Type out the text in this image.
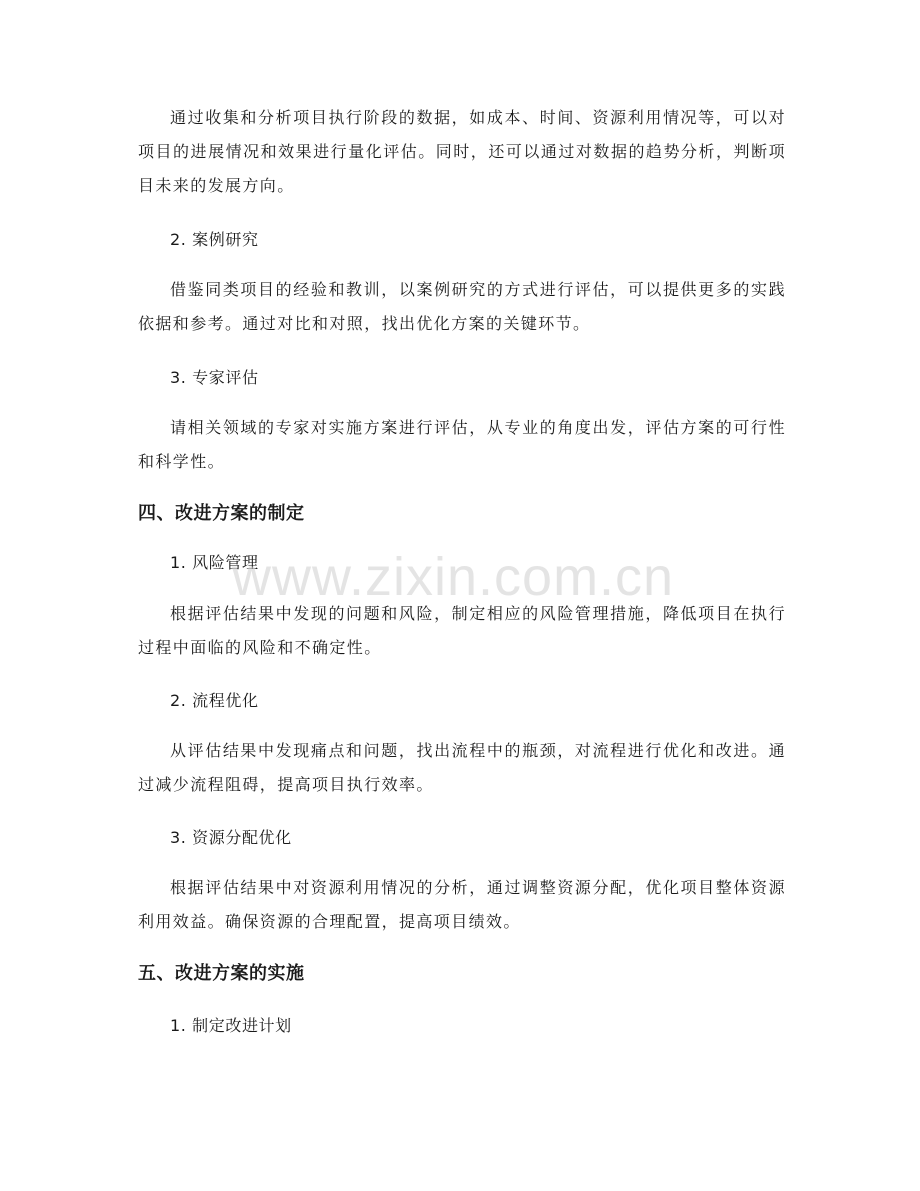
通过收集和分析项目执行阶段的数据，如成本、时间、资源利用情况等，可以对项目的进展情况和效果进行量化评估。同时，还可以通过对数据的趋势分析，判断项目未来的发展方向。

2. 案例研究

借鉴同类项目的经验和教训，以案例研究的方式进行评估，可以提供更多的实践依据和参考。通过对比和对照，找出优化方案的关键环节。

3. 专家评估

请相关领域的专家对实施方案进行评估，从专业的角度出发，评估方案的可行性和科学性。

四、改进方案的制定

1. 风险管理

根据评估结果中发现的问题和风险，制定相应的风险管理措施，降低项目在执行过程中面临的风险和不确定性。

2. 流程优化

从评估结果中发现痛点和问题，找出流程中的瓶颈，对流程进行优化和改进。通过减少流程阻碍，提高项目执行效率。

3. 资源分配优化

根据评估结果中对资源利用情况的分析，通过调整资源分配，优化项目整体资源利用效益。确保资源的合理配置，提高项目绩效。

五、改进方案的实施

1. 制定改进计划

www.zixin.com.cn
